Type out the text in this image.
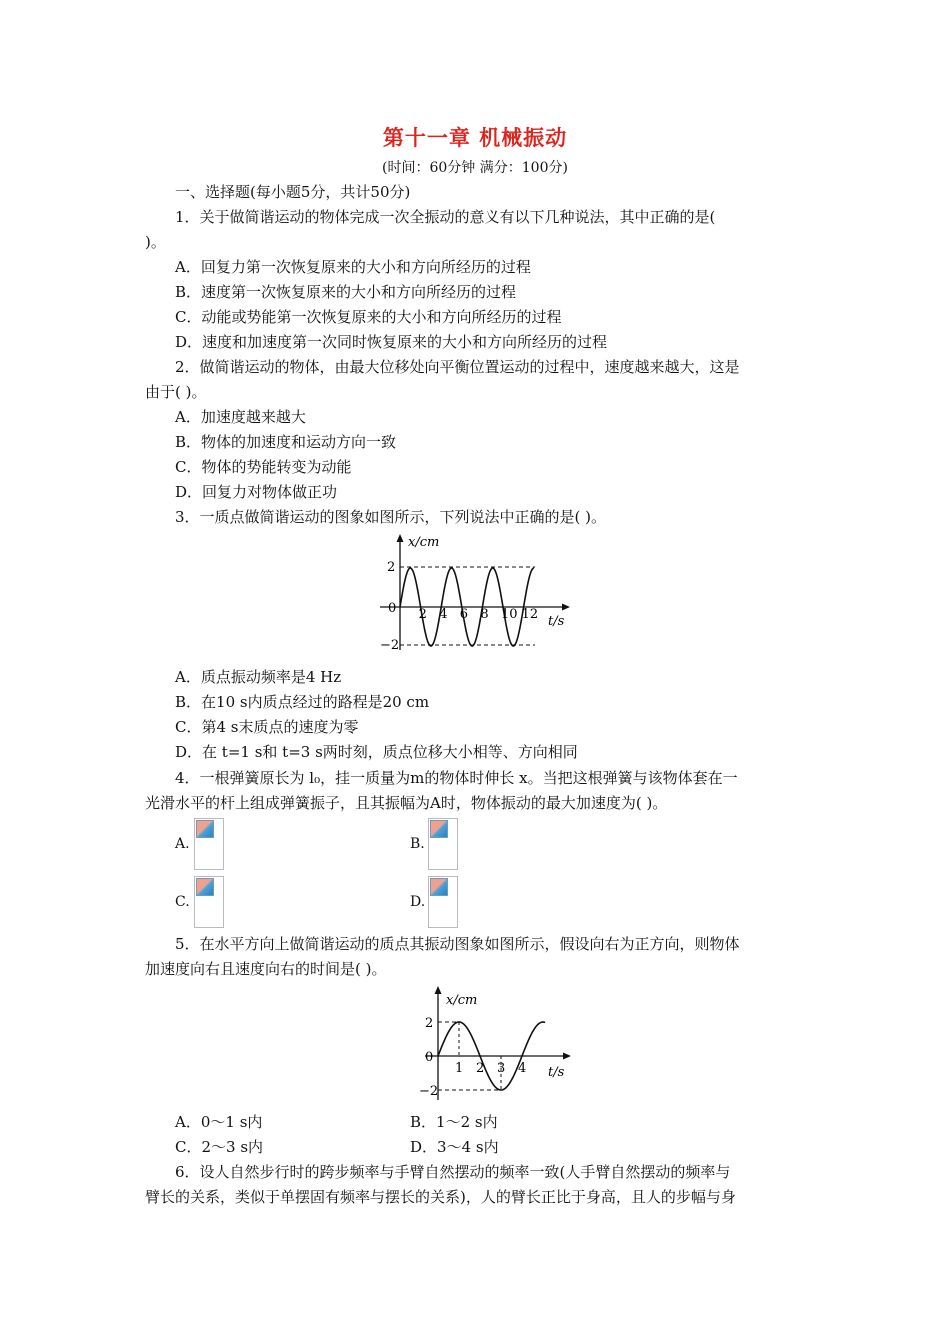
第十一章 机械振动
(时间：60分钟 满分：100分)
一、选择题(每小题5分，共计50分)
1．关于做简谐运动的物体完成一次全振动的意义有以下几种说法，其中正确的是(
)。
A．回复力第一次恢复原来的大小和方向所经历的过程
B．速度第一次恢复原来的大小和方向所经历的过程
C．动能或势能第一次恢复原来的大小和方向所经历的过程
D．速度和加速度第一次同时恢复原来的大小和方向所经历的过程
2．做简谐运动的物体，由最大位移处向平衡位置运动的过程中，速度越来越大，这是
由于( )。
A．加速度越来越大
B．物体的加速度和运动方向一致
C．物体的势能转变为动能
D．回复力对物体做正功
3．一质点做简谐运动的图象如图所示，下列说法中正确的是( )。
x/cm
t/s
2
0
−2
2 4 6 8 10 12
A．质点振动频率是4 Hz
B．在10 s内质点经过的路程是20 cm
C．第4 s末质点的速度为零
D．在 t=1 s和 t=3 s两时刻，质点位移大小相等、方向相同
4．一根弹簧原长为 l₀，挂一质量为m的物体时伸长 x。当把这根弹簧与该物体套在一
光滑水平的杆上组成弹簧振子，且其振幅为A时，物体振动的最大加速度为( )。
A.	B.
C.	D.
5．在水平方向上做简谐运动的质点其振动图象如图所示，假设向右为正方向，则物体
加速度向右且速度向右的时间是( )。
x/cm
t/s
2
0
−2
1 2 3 4
A．0～1 s内	B．1～2 s内
C．2～3 s内	D．3～4 s内
6．设人自然步行时的跨步频率与手臂自然摆动的频率一致(人手臂自然摆动的频率与
臂长的关系，类似于单摆固有频率与摆长的关系)，人的臂长正比于身高，且人的步幅与身
